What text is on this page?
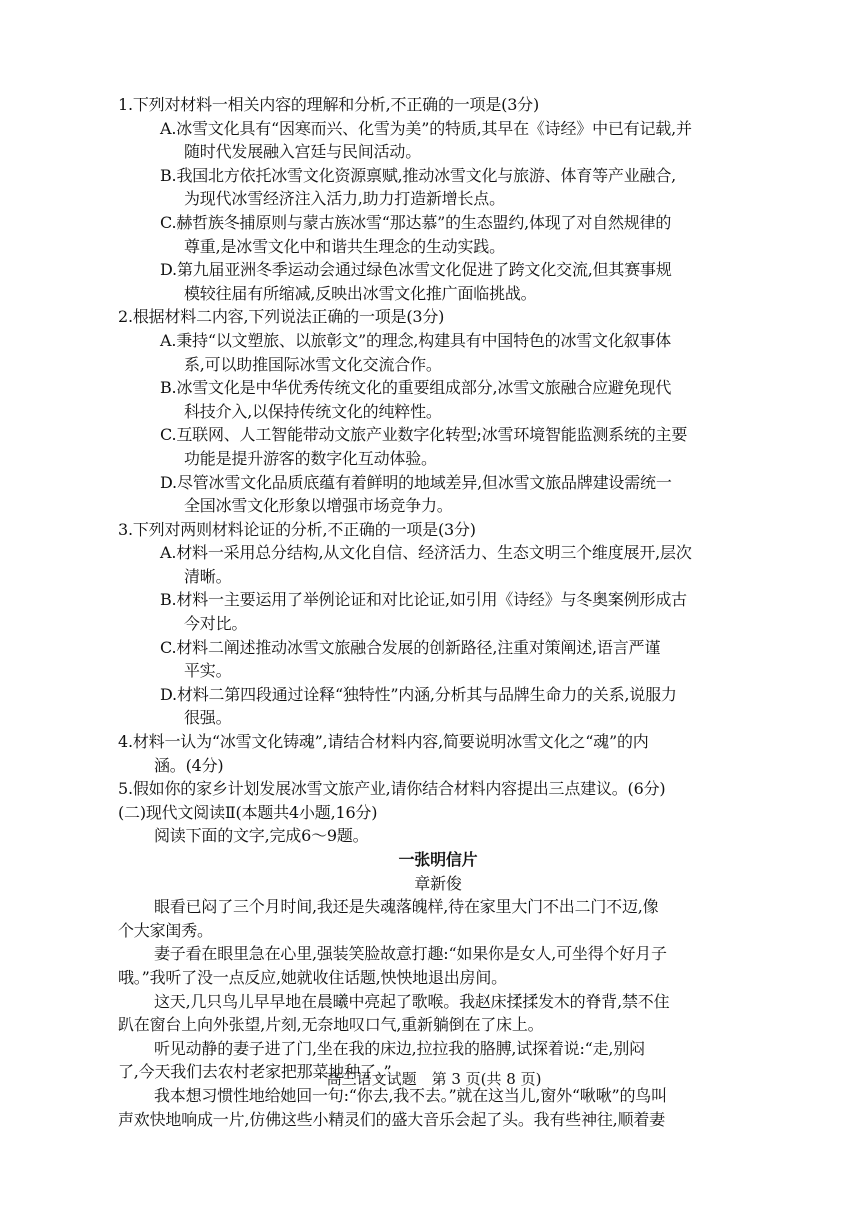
1.下列对材料一相关内容的理解和分析,不正确的一项是(3分)
A.冰雪文化具有“因寒而兴、化雪为美”的特质,其早在《诗经》中已有记载,并
随时代发展融入宫廷与民间活动。
B.我国北方依托冰雪文化资源禀赋,推动冰雪文化与旅游、体育等产业融合,
为现代冰雪经济注入活力,助力打造新增长点。
C.赫哲族冬捕原则与蒙古族冰雪“那达慕”的生态盟约,体现了对自然规律的
尊重,是冰雪文化中和谐共生理念的生动实践。
D.第九届亚洲冬季运动会通过绿色冰雪文化促进了跨文化交流,但其赛事规
模较往届有所缩减,反映出冰雪文化推广面临挑战。
2.根据材料二内容,下列说法正确的一项是(3分)
A.秉持“以文塑旅、以旅彰文”的理念,构建具有中国特色的冰雪文化叙事体
系,可以助推国际冰雪文化交流合作。
B.冰雪文化是中华优秀传统文化的重要组成部分,冰雪文旅融合应避免现代
科技介入,以保持传统文化的纯粹性。
C.互联网、人工智能带动文旅产业数字化转型;冰雪环境智能监测系统的主要
功能是提升游客的数字化互动体验。
D.尽管冰雪文化品质底蕴有着鲜明的地域差异,但冰雪文旅品牌建设需统一
全国冰雪文化形象以增强市场竞争力。
3.下列对两则材料论证的分析,不正确的一项是(3分)
A.材料一采用总分结构,从文化自信、经济活力、生态文明三个维度展开,层次
清晰。
B.材料一主要运用了举例论证和对比论证,如引用《诗经》与冬奥案例形成古
今对比。
C.材料二阐述推动冰雪文旅融合发展的创新路径,注重对策阐述,语言严谨
平实。
D.材料二第四段通过诠释“独特性”内涵,分析其与品牌生命力的关系,说服力
很强。
4.材料一认为“冰雪文化铸魂”,请结合材料内容,简要说明冰雪文化之“魂”的内
涵。(4分)
5.假如你的家乡计划发展冰雪文旅产业,请你结合材料内容提出三点建议。(6分)
(二)现代文阅读Ⅱ(本题共4小题,16分)
阅读下面的文字,完成6～9题。
一张明信片
章新俊
眼看已闷了三个月时间,我还是失魂落魄样,待在家里大门不出二门不迈,像
个大家闺秀。
妻子看在眼里急在心里,强装笑脸故意打趣:“如果你是女人,可坐得个好月子
哦。”我听了没一点反应,她就收住话题,怏怏地退出房间。
这天,几只鸟儿早早地在晨曦中亮起了歌喉。我赵床揉揉发木的脊背,禁不住
趴在窗台上向外张望,片刻,无奈地叹口气,重新躺倒在了床上。
听见动静的妻子进了门,坐在我的床边,拉拉我的胳膊,试探着说:“走,别闷
了,今天我们去农村老家把那菜地种了。”
我本想习惯性地给她回一句:“你去,我不去。”就在这当儿,窗外“啾啾”的鸟叫
声欢快地响成一片,仿佛这些小精灵们的盛大音乐会起了头。我有些神往,顺着妻
高三语文试题　第 3 页(共 8 页)
